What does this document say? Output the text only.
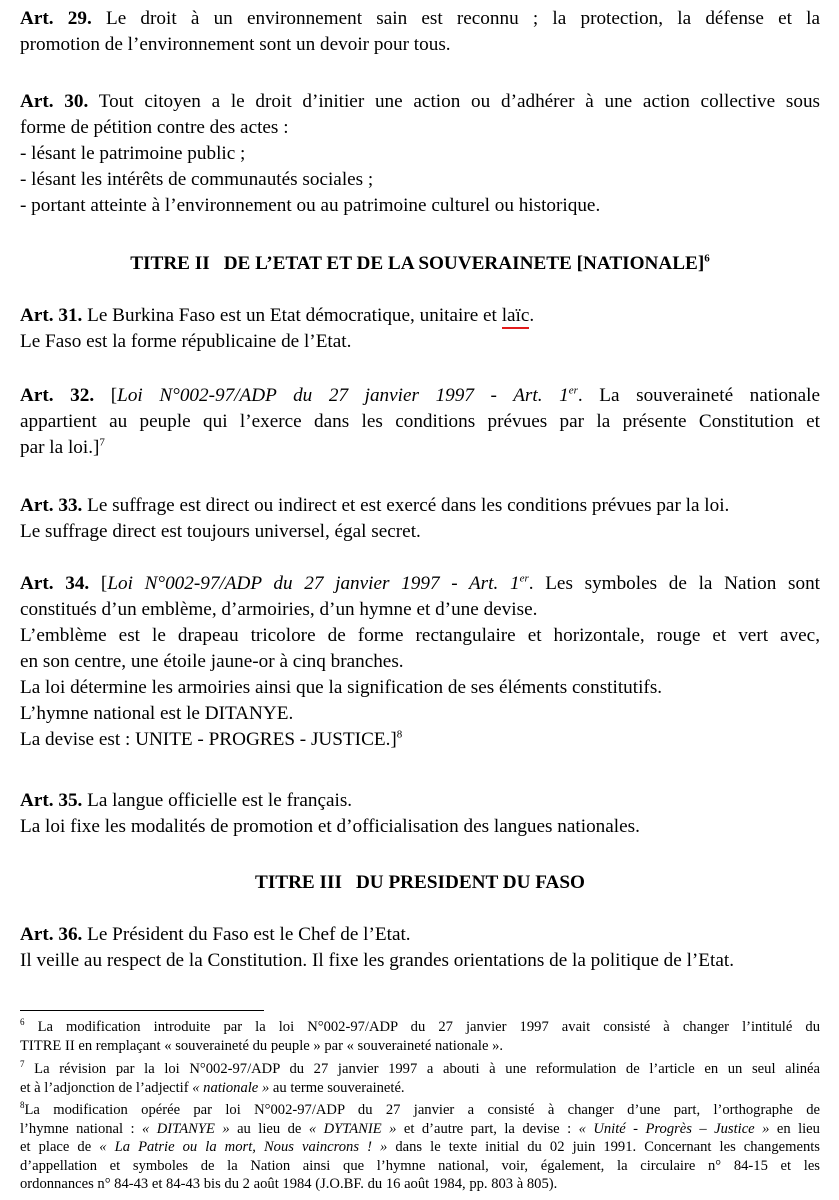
Art. 29. Le droit à un environnement sain est reconnu ; la protection, la défense et la
promotion de l’environnement sont un devoir pour tous.
Art. 30. Tout citoyen a le droit d’initier une action ou d’adhérer à une action collective sous
forme de pétition contre des actes :
- lésant le patrimoine public ;
- lésant les intérêts de communautés sociales ;
- portant atteinte à l’environnement ou au patrimoine culturel ou historique.
TITRE II DE L’ETAT ET DE LA SOUVERAINETE [NATIONALE]$^6$
Art. 31. Le Burkina Faso est un Etat démocratique, unitaire et laïc.
Le Faso est la forme républicaine de l’Etat.
Art. 32. [Loi N°002-97/ADP du 27 janvier 1997 - Art. 1er. La souveraineté nationale
appartient au peuple qui l’exerce dans les conditions prévues par la présente Constitution et
par la loi.]$^7$
Art. 33. Le suffrage est direct ou indirect et est exercé dans les conditions prévues par la loi.
Le suffrage direct est toujours universel, égal secret.
Art. 34. [Loi N°002-97/ADP du 27 janvier 1997 - Art. 1er. Les symboles de la Nation sont
constitués d’un emblème, d’armoiries, d’un hymne et d’une devise.
L’emblème est le drapeau tricolore de forme rectangulaire et horizontale, rouge et vert avec,
en son centre, une étoile jaune-or à cinq branches.
La loi détermine les armoiries ainsi que la signification de ses éléments constitutifs.
L’hymne national est le DITANYE.
La devise est : UNITE - PROGRES - JUSTICE.]$^8$
Art. 35. La langue officielle est le français.
La loi fixe les modalités de promotion et d’officialisation des langues nationales.
TITRE III DU PRESIDENT DU FASO
Art. 36. Le Président du Faso est le Chef de l’Etat.
Il veille au respect de la Constitution. Il fixe les grandes orientations de la politique de l’Etat.
$^6$ La modification introduite par la loi N°002-97/ADP du 27 janvier 1997 avait consisté à changer l’intitulé du
TITRE II en remplaçant « souveraineté du peuple » par « souveraineté nationale ».
$^7$ La révision par la loi N°002-97/ADP du 27 janvier 1997 a abouti à une reformulation de l’article en un seul alinéa
et à l’adjonction de l’adjectif « nationale » au terme souveraineté.
$^8$La modification opérée par loi N°002-97/ADP du 27 janvier a consisté à changer d’une part, l’orthographe de
l’hymne national : « DITANYE » au lieu de « DYTANIE » et d’autre part, la devise : « Unité - Progrès – Justice » en lieu
et place de « La Patrie ou la mort, Nous vaincrons ! » dans le texte initial du 02 juin 1991. Concernant les changements
d’appellation et symboles de la Nation ainsi que l’hymne national, voir, également, la circulaire n° 84-15 et les
ordonnances n° 84-43 et 84-43 bis du 2 août 1984 (J.O.BF. du 16 août 1984, pp. 803 à 805).
